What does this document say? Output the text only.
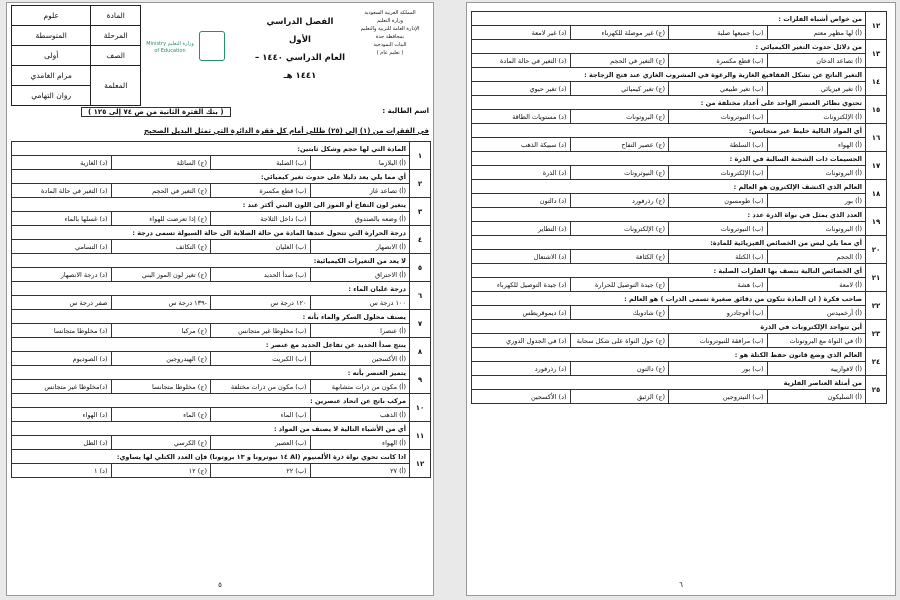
المملكة العربية السعودية
وزارة التعليم
الإدارة العامة للتربية والتعليم
بمحافظة جدة
البنات النموذجية
( تعليم عام )
الفصل الدراسي الأول
العام الدراسي ١٤٤٠ – ١٤٤١ هـ
وزارة التعليم Ministry of Education
المادة	علوم
المرحلة	المتوسطة
الصف	أولى
المعلمة	مرام الغامدي
	روان التهامي
اسم الطالبة :
( بنك الفترة الثانية من ص ٧٤ إلى ١٢٥ )
في الفقرات من (١) إلى (٢٥) ظللي أمام كل فقرة الدائرة التي تمثل البديل الصحيح
١	المادة التي لها حجم وشكل ثابتين:			
	(أ) البلازما	(ب) الصلبة	(ج) السائلة	(د) الغازية
٢	أي مما يلي يعد دليلا على حدوث تغير كيميائي:			
	(أ) تصاعد غاز	(ب) قطع مكسرة	(ج) التغير في الحجم	(د) التغير في حالة المادة
٣	يتغير لون التفاح أو الموز الى اللون البني أكثر عند :			
	(أ) وضعه بالصندوق	(ب) داخل الثلاجة	(ج) إذا تعرضت للهواء	(د) غسلها بالماء
٤	درجة الحرارة التي تتحول عندها المادة من حالة الصلابة الى حالة السيولة تسمى درجة :			
	(أ) الانصهار	(ب) الغليان	(ج) التكاثف	(د) التسامي
٥	لا يعد من التغيرات الكيميائية:			
	(أ) الاحتراق	(ب) صدأ الحديد	(ج) تغير لون الموز البني	(د) درجة الانصهار
٦	درجة غليان الماء :			
	١٠٠ درجة س	١٢٠ درجة س	-١٣٩ درجة س	صفر درجة س
٧	يصنف محلول السكر والماء بأنه :			
	(أ) عنصرا	(ب) مخلوطا غير متجانس	(ج) مركبا	(د) مخلوطا متجانسا
٨	ينتج صدأ الحديد عن تفاعل الحديد مع عنصر :			
	(أ) الأكسجين	(ب) الكبريت	(ج) الهيدروجين	(د) الصوديوم
٩	يتميز العنصر بأنه :			
	(أ) مكون من ذرات متشابهة	(ب) مكون من ذرات مختلفة	(ج) مخلوطا متجانسا	(د)مخلوطا غير متجانس
١٠	مركب ناتج عن اتحاد عنصرين :			
	(أ) الذهب	(ب) الماء	(ج) الماء	(د) الهواء
١١	أي من الأشياء التالية لا يصنف من المواد :			
	(أ) الهواء	(ب) العصير	(ج) الكرسي	(د) الظل
١٢	اذا كانت تحوي نواة ذرة الألمنيوم (Al ١٤ نيوترونا و ١٣ بروتونا) فإن العدد الكتلي لها يساوي:			
	(أ) ٢٧	(ب) ٢٢	(ج) ١٢	(د) ١
٥
١٢	من خواص أشباه الفلزات :			
	(أ) لها مظهر معتم	(ب) جميعها صلبة	(ج) غير موصلة للكهرباء	(د) غير لامعة
١٣	من دلائل حدوث التغير الكيميائي :			
	(أ) تصاعد الدخان	(ب) قطع مكسرة	(ج) التغير في الحجم	(د) التغير في حالة المادة
١٤	التغير الناتج عن تشكل الفقاقيع الغازية والرغوة في المشروب الغازي عند فتح الزجاجة :			
	(أ) تغير فيزيائي	(ب) تغير طبيعي	(ج) تغير كيميائي	(د) تغير حيوي
١٥	تحتوي نظائر العنصر الواحد على أعداد مختلفة من :			
	(أ) الإلكترونات	(ب) النيوترونات	(ج) البروتونات	(د) مستويات الطاقة
١٦	أي المواد التالية خليط غير متجانس:			
	(أ) الهواء	(ب) السلطة	(ج) عصير التفاح	(د) سبيكة الذهب
١٧	الجسيمات ذات الشحنة السالبة في الذرة :			
	(أ) البروتونات	(ب) الإلكترونات	(ج) النيوترونات	(د) الذرة
١٨	العالم الذي اكتشف الإلكترون هو العالم :			
	(أ) بور	(ب) طومسون	(ج) رذرفورد	(د) دالتون
١٩	العدد الذي يمثل في نواة الذرة عدد :			
	(أ) البروتونات	(ب) النيوترونات	(ج) الإلكترونات	(د) التطاير
٢٠	أي مما يلي ليس من الخصائص الفيزيائية للمادة:			
	(أ) الحجم	(ب) الكتلة	(ج) الكثافة	(د) الاشتعال
٢١	أي الخصائص التالية تتصف بها الفلزات الصلبة :			
	(أ) لامعة	(ب) هشة	(ج) جيدة التوصيل للحرارة	(د) جيدة التوصيل للكهرباء
٢٢	صاحب فكرة ( ان المادة تتكون من دقائق صغيرة تسمى الذرات ) هو العالم :			
	(أ) أرخميدس	(ب) أفوجادرو	(ج) شادويك	(د) ديموقريطس
٢٣	أين تتواجد الإلكترونات في الذرة			
	(أ) في النواة مع البروتونات	(ب) مرافقة للنيوترونات	(ج) حول النواة على شكل سحابة	(د) في الجدول الدوري
٢٤	العالم الذي وضع قانون حفظ الكتلة هو :			
	(أ) لافوازييه	(ب) بور	(ج) دالتون	(د) رذرفورد
٢٥	من أمثلة العناصر الفلزية			
	(أ) السليكون	(ب) النيتروجين	(ج) الزئبق	(د) الأكسجين
٦
